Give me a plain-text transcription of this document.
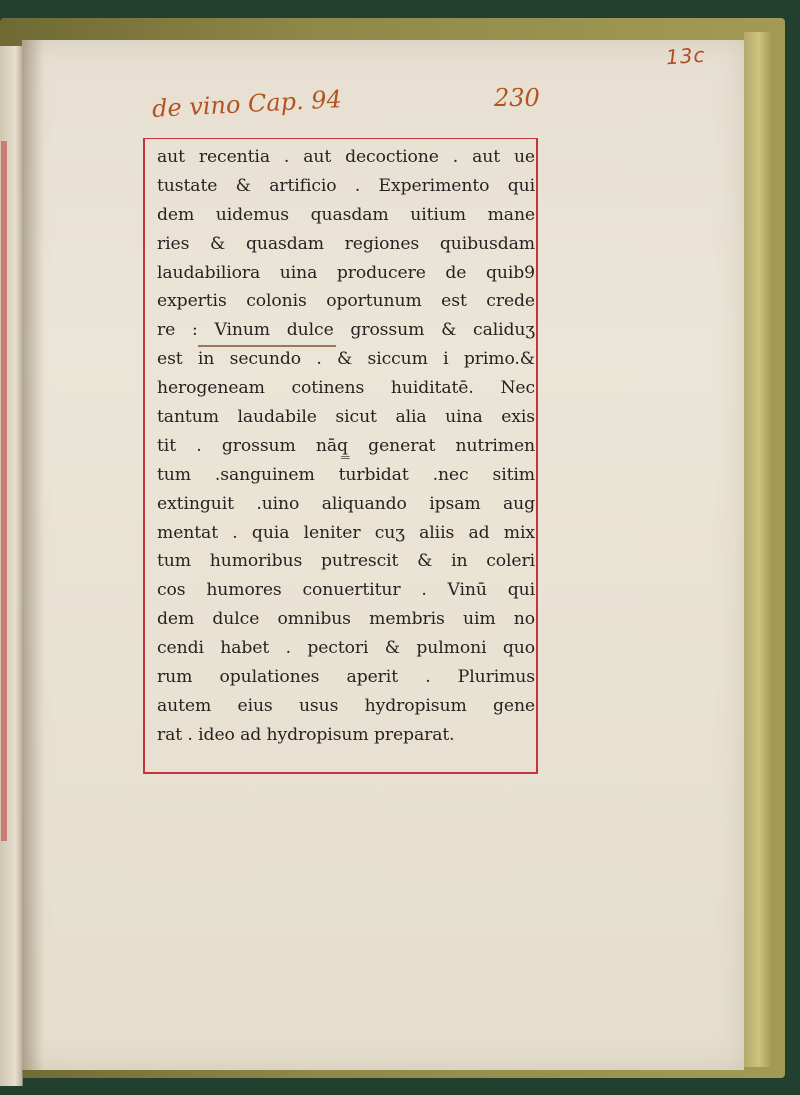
13c
de vino Cap. 94	230
aut recentia . aut decoctione . aut ue
tustate & artificio . Experimento qui
dem uidemus quasdam uitium mane
ries & quasdam regiones quibusdam
laudabiliora uina producere de quib9
expertis colonis oportunum est crede
re : Vinum dulce grossum & caliduʒ
est in secundo . & siccum i primo.&
herogeneam cotinens huiditatē. Nec
tantum laudabile sicut alia uina exis
tit . grossum nāq̳ generat nutrimen
tum .sanguinem turbidat .nec sitim
extinguit .uino aliquando ipsam aug
mentat . quia leniter cuʒ aliis ad mix
tum humoribus putrescit & in coleri
cos humores conuertitur . Vinū qui
dem dulce omnibus membris uim no
cendi habet . pectori & pulmoni quo
rum opulationes aperit . Plurimus
autem eius usus hydropisum gene
rat . ideo ad hydropisum preparat.
